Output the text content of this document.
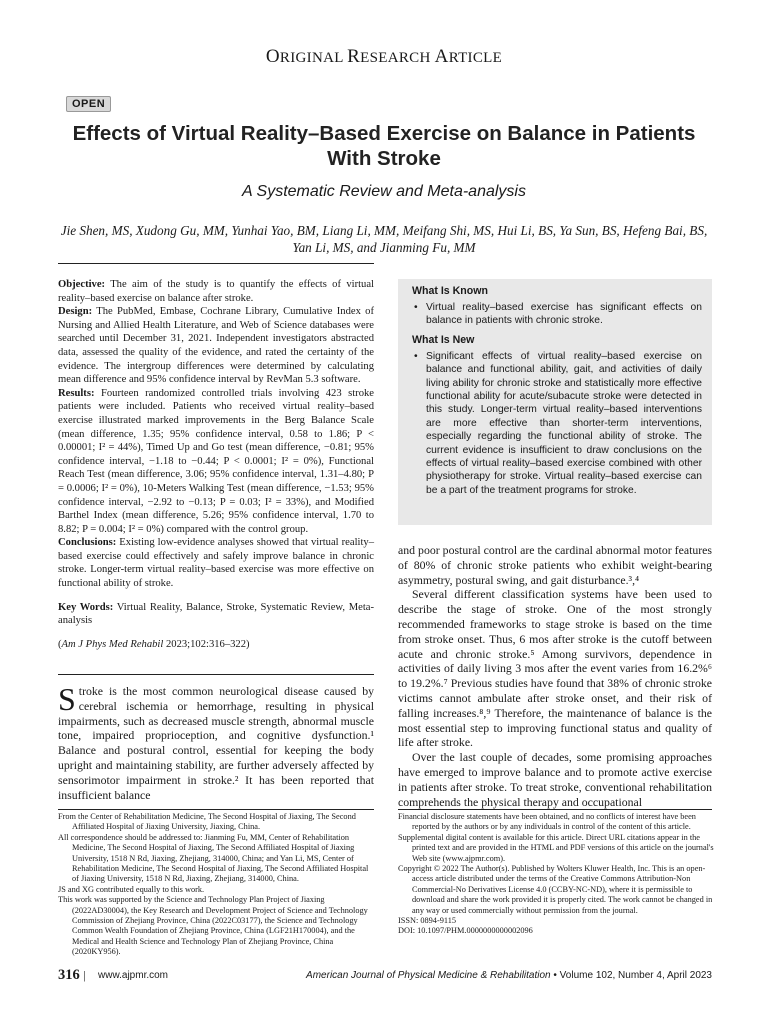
ORIGINAL RESEARCH ARTICLE
OPEN
Effects of Virtual Reality–Based Exercise on Balance in Patients With Stroke
A Systematic Review and Meta-analysis
Jie Shen, MS, Xudong Gu, MM, Yunhai Yao, BM, Liang Li, MM, Meifang Shi, MS, Hui Li, BS, Ya Sun, BS, Hefeng Bai, BS, Yan Li, MS, and Jianming Fu, MM

Objective: The aim of the study is to quantify the effects of virtual reality–based exercise on balance after stroke.

Design: The PubMed, Embase, Cochrane Library, Cumulative Index of Nursing and Allied Health Literature, and Web of Science databases were searched until December 31, 2021. Independent investigators abstracted data, assessed the quality of the evidence, and rated the certainty of the evidence. The intergroup differences were determined by calculating mean difference and 95% confidence interval by RevMan 5.3 software.

Results: Fourteen randomized controlled trials involving 423 stroke patients were included. Patients who received virtual reality–based exercise illustrated marked improvements in the Berg Balance Scale (mean difference, 1.35; 95% confidence interval, 0.58 to 1.86; P < 0.00001; I² = 44%), Timed Up and Go test (mean difference, −0.81; 95% confidence interval, −1.18 to −0.44; P < 0.0001; I² = 0%), Functional Reach Test (mean difference, 3.06; 95% confidence interval, 1.31–4.80; P = 0.0006; I² = 0%), 10-Meters Walking Test (mean difference, −1.53; 95% confidence interval, −2.92 to −0.13; P = 0.03; I² = 33%), and Modified Barthel Index (mean difference, 5.26; 95% confidence interval, 1.70 to 8.82; P = 0.004; I² = 0%) compared with the control group.

Conclusions: Existing low-evidence analyses showed that virtual reality–based exercise could effectively and safely improve balance in chronic stroke. Longer-term virtual reality–based exercise was more effective on functional ability of stroke.

Key Words: Virtual Reality, Balance, Stroke, Systematic Review, Meta-analysis

(Am J Phys Med Rehabil 2023;102:316–322)

Stroke is the most common neurological disease caused by cerebral ischemia or hemorrhage, resulting in physical impairments, such as decreased muscle strength, abnormal muscle tone, impaired proprioception, and cognitive dysfunction.¹ Balance and postural control, essential for keeping the body upright and maintaining stability, are further adversely affected by sensorimotor impairment in stroke.² It has been reported that insufficient balance
What Is Known
• Virtual reality–based exercise has significant effects on balance in patients with chronic stroke.
What Is New
• Significant effects of virtual reality–based exercise on balance and functional ability, gait, and activities of daily living ability for chronic stroke and statistically more effective functional ability for acute/subacute stroke were detected in this study. Longer-term virtual reality–based interventions are more effective than shorter-term interventions, especially regarding the functional ability of stroke. The current evidence is insufficient to draw conclusions on the effects of virtual reality–based exercise combined with other physiotherapy for stroke. Virtual reality–based exercise can be a part of the treatment programs for stroke.

and poor postural control are the cardinal abnormal motor features of 80% of chronic stroke patients who exhibit weight-bearing asymmetry, postural swing, and gait disturbance.³,⁴

Several different classification systems have been used to describe the stage of stroke. One of the most strongly recommended frameworks to stage stroke is based on the time from stroke onset. Thus, 6 mos after stroke is the cutoff between acute and chronic stroke.⁵ Among survivors, dependence in activities of daily living 3 mos after the event varies from 16.2%⁶ to 19.2%.⁷ Previous studies have found that 38% of chronic stroke victims cannot ambulate after stroke onset, and their risk of falling increases.⁸,⁹ Therefore, the maintenance of balance is the most essential step to improving functional status and quality of life after stroke.

Over the last couple of decades, some promising approaches have emerged to improve balance and to promote active exercise in patients after stroke. To treat stroke, conventional rehabilitation comprehends the physical therapy and occupational

From the Center of Rehabilitation Medicine, The Second Hospital of Jiaxing, The Second Affiliated Hospital of Jiaxing University, Jiaxing, China.

All correspondence should be addressed to: Jianming Fu, MM, Center of Rehabilitation Medicine, The Second Hospital of Jiaxing, The Second Affiliated Hospital of Jiaxing University, 1518 N Rd, Jiaxing, Zhejiang, 314000, China; and Yan Li, MS, Center of Rehabilitation Medicine, The Second Hospital of Jiaxing, The Second Affiliated Hospital of Jiaxing University, 1518 N Rd, Jiaxing, Zhejiang, 314000, China.

JS and XG contributed equally to this work.

This work was supported by the Science and Technology Plan Project of Jiaxing (2022AD30004), the Key Research and Development Project of Science and Technology Commission of Zhejiang Province, China (2022C03177), the Science and Technology Common Wealth Foundation of Zhejiang Province, China (LGF21H170004), and the Medical and Health Science and Technology Plan of Zhejiang Province, China (2020KY956).

Financial disclosure statements have been obtained, and no conflicts of interest have been reported by the authors or by any individuals in control of the content of this article.

Supplemental digital content is available for this article. Direct URL citations appear in the printed text and are provided in the HTML and PDF versions of this article on the journal's Web site (www.ajpmr.com).

Copyright © 2022 The Author(s). Published by Wolters Kluwer Health, Inc. This is an open-access article distributed under the terms of the Creative Commons Attribution-Non Commercial-No Derivatives License 4.0 (CCBY-NC-ND), where it is permissible to download and share the work provided it is properly cited. The work cannot be changed in any way or used commercially without permission from the journal.

ISSN: 0894-9115

DOI: 10.1097/PHM.0000000000002096

316 | www.ajpmr.com	American Journal of Physical Medicine & Rehabilitation • Volume 102, Number 4, April 2023
